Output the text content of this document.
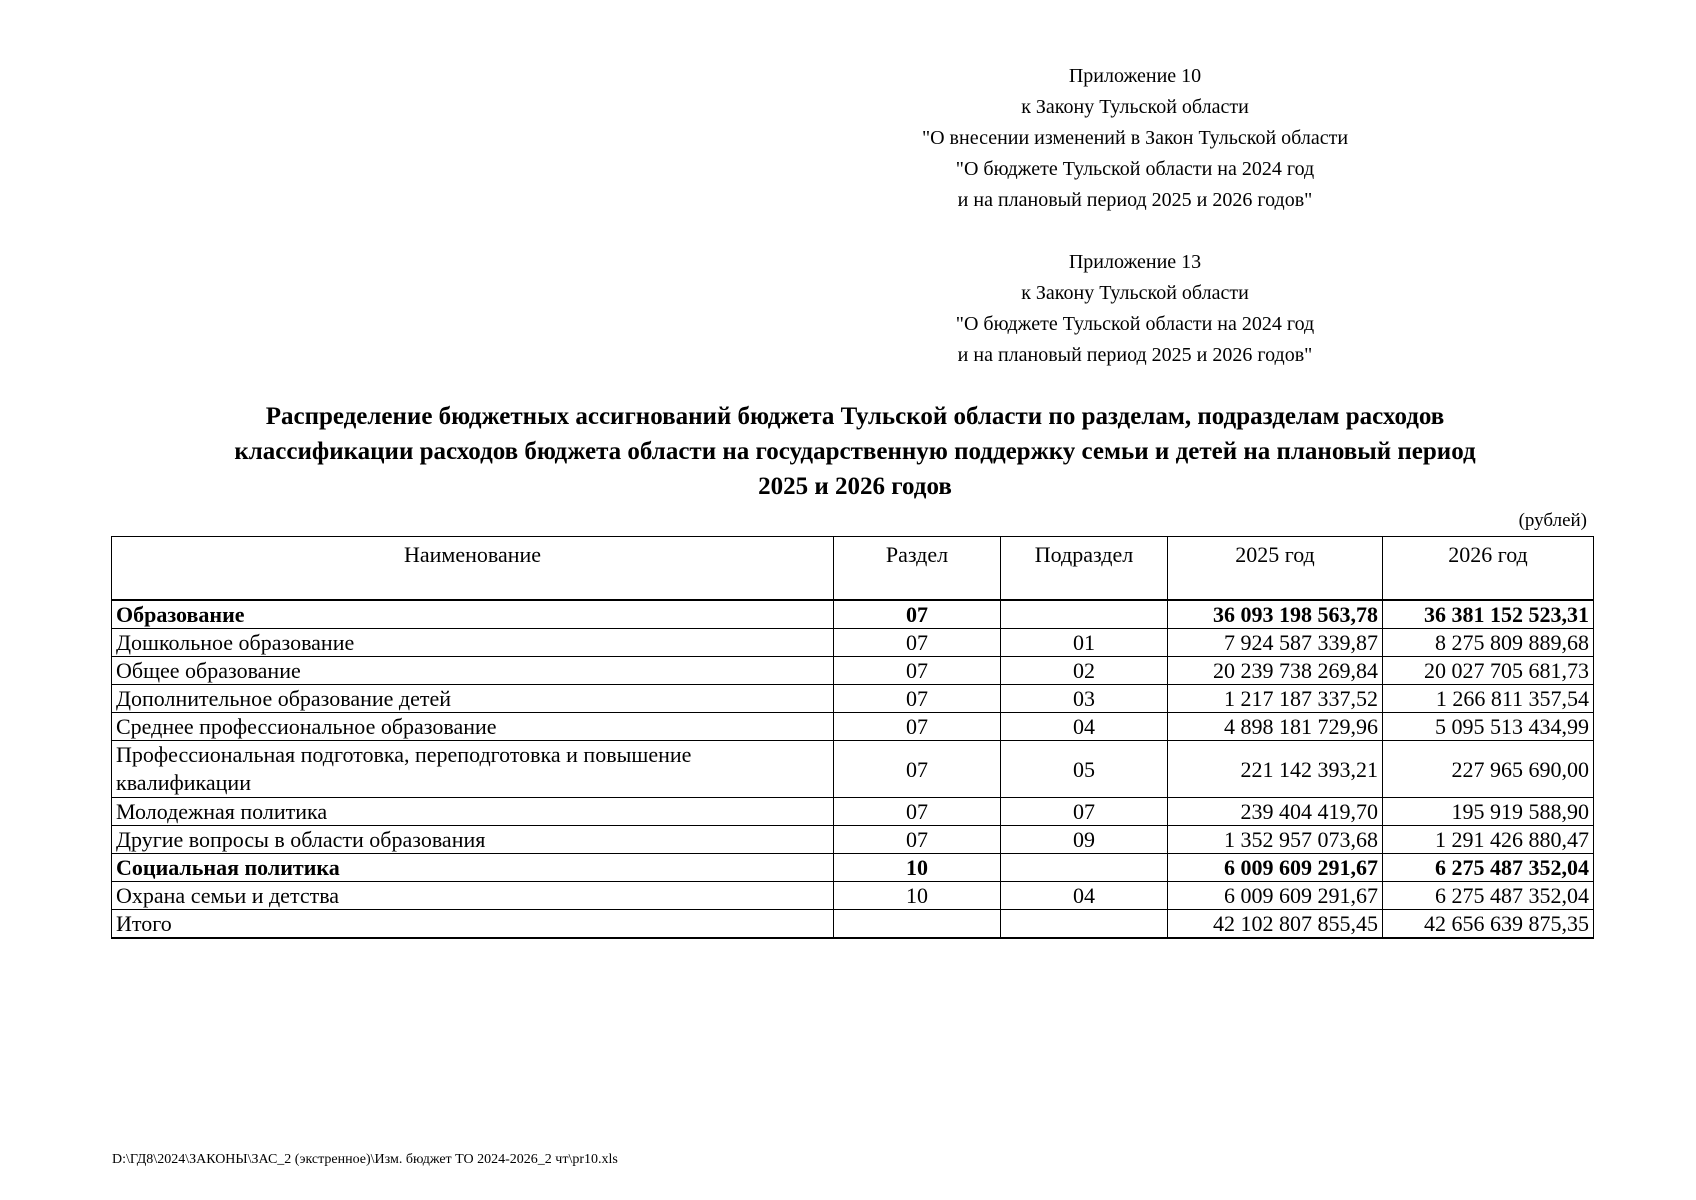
Приложение 10
к Закону Тульской области
"О внесении изменений в Закон Тульской области
"О бюджете Тульской области на 2024 год
и на плановый период 2025 и 2026 годов"
Приложение 13
к Закону Тульской области
"О бюджете Тульской области на 2024 год
и на плановый период 2025 и 2026 годов"
Распределение бюджетных ассигнований бюджета Тульской области по разделам, подразделам расходов
классификации расходов бюджета области на государственную поддержку семьи и детей на плановый период
2025 и 2026 годов
(рублей)
Наименование	Раздел	Подраздел	2025 год	2026 год
Образование	07		36 093 198 563,78	36 381 152 523,31
Дошкольное образование	07	01	7 924 587 339,87	8 275 809 889,68
Общее образование	07	02	20 239 738 269,84	20 027 705 681,73
Дополнительное образование детей	07	03	1 217 187 337,52	1 266 811 357,54
Среднее профессиональное образование	07	04	4 898 181 729,96	5 095 513 434,99
Профессиональная подготовка, переподготовка и повышение квалификации	07	05	221 142 393,21	227 965 690,00
Молодежная политика	07	07	239 404 419,70	195 919 588,90
Другие вопросы в области образования	07	09	1 352 957 073,68	1 291 426 880,47
Социальная политика	10		6 009 609 291,67	6 275 487 352,04
Охрана семьи и детства	10	04	6 009 609 291,67	6 275 487 352,04
Итого			42 102 807 855,45	42 656 639 875,35
D:\ГД8\2024\ЗАКОНЫ\ЗАС_2 (экстренное)\Изм. бюджет ТО 2024-2026_2 чт\pr10.xls
